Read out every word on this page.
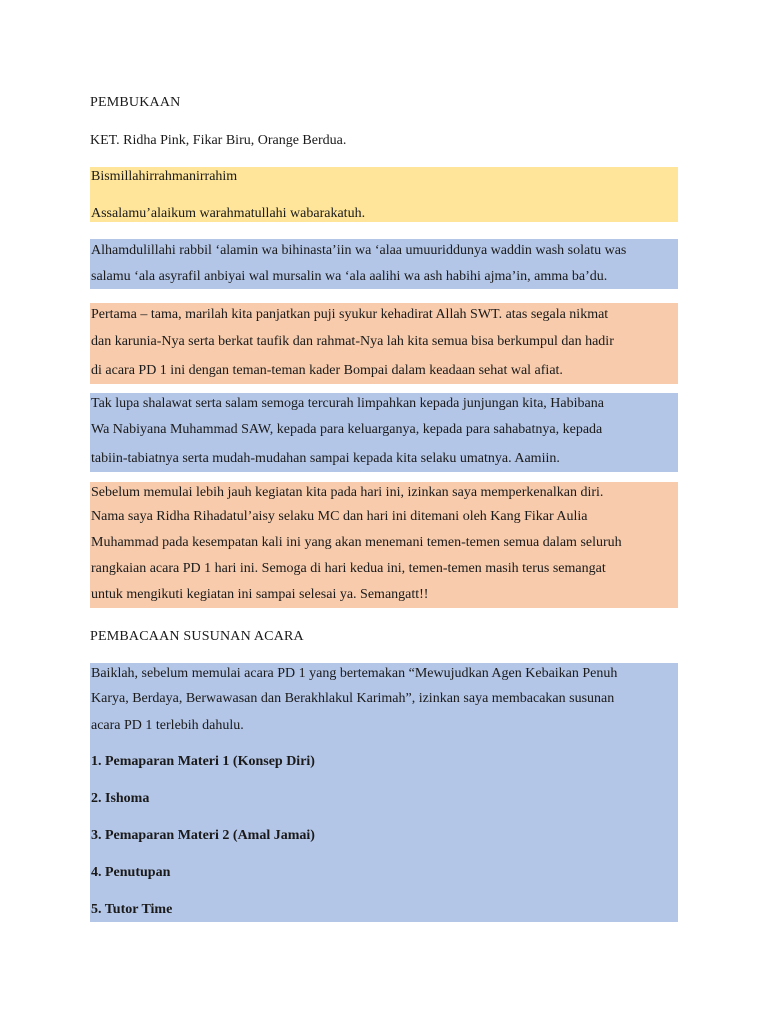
PEMBUKAAN
KET. Ridha Pink, Fikar Biru, Orange Berdua.

Bismillahirrahmanirrahim

Assalamu’alaikum warahmatullahi wabarakatuh.

Alhamdulillahi rabbil ‘alamin wa bihinasta’iin wa ‘alaa umuuriddunya waddin wash solatu was

salamu ‘ala asyrafil anbiyai wal mursalin wa ‘ala aalihi wa ash habihi ajma’in, amma ba’du.

Pertama – tama, marilah kita panjatkan puji syukur kehadirat Allah SWT. atas segala nikmat

dan karunia-Nya serta berkat taufik dan rahmat-Nya lah kita semua bisa berkumpul dan hadir

di acara PD 1 ini dengan teman-teman kader Bompai dalam keadaan sehat wal afiat.

Tak lupa shalawat serta salam semoga tercurah limpahkan kepada junjungan kita, Habibana

Wa Nabiyana Muhammad SAW, kepada para keluarganya, kepada para sahabatnya, kepada

tabiin-tabiatnya serta mudah-mudahan sampai kepada kita selaku umatnya. Aamiin.

Sebelum memulai lebih jauh kegiatan kita pada hari ini, izinkan saya memperkenalkan diri.

Nama saya Ridha Rihadatul’aisy selaku MC dan hari ini ditemani oleh Kang Fikar Aulia

Muhammad pada kesempatan kali ini yang akan menemani temen-temen semua dalam seluruh

rangkaian acara PD 1 hari ini. Semoga di hari kedua ini, temen-temen masih terus semangat

untuk mengikuti kegiatan ini sampai selesai ya. Semangatt!!

PEMBACAAN SUSUNAN ACARA

Baiklah, sebelum memulai acara PD 1 yang bertemakan “Mewujudkan Agen Kebaikan Penuh

Karya, Berdaya, Berwawasan dan Berakhlakul Karimah”, izinkan saya membacakan susunan

acara PD 1 terlebih dahulu.

1. Pemaparan Materi 1 (Konsep Diri)

2. Ishoma

3. Pemaparan Materi 2 (Amal Jamai)

4. Penutupan

5. Tutor Time
